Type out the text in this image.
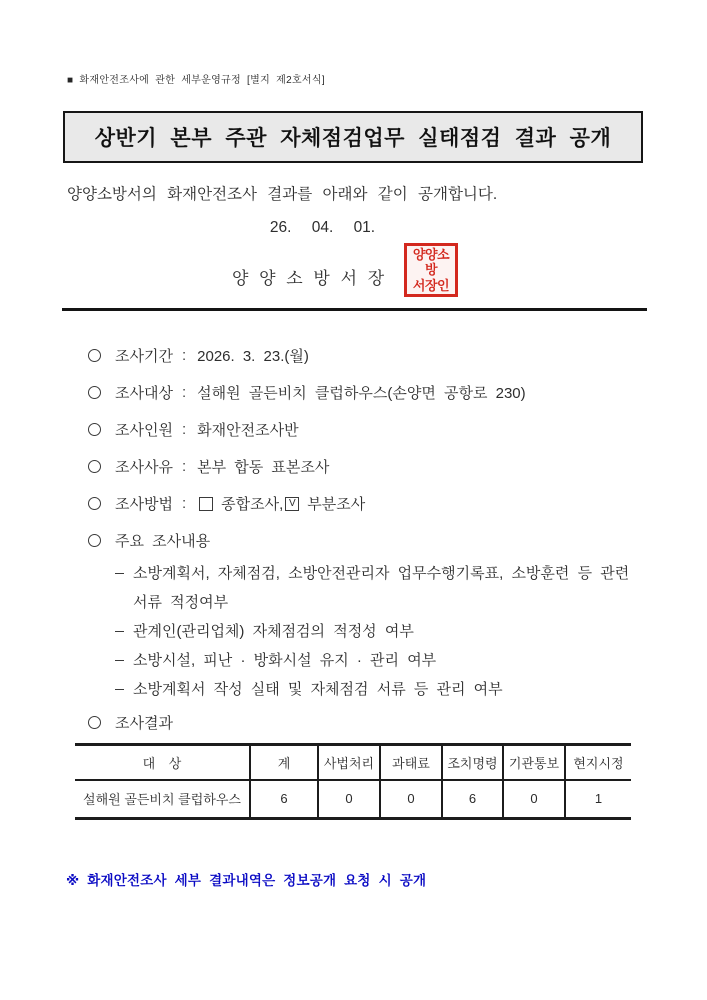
■ 화재안전조사에 관한 세부운영규정 [별지 제2호서식]
상반기 본부 주관 자체점검업무 실태점검 결과 공개
양양소방서의 화재안전조사 결과를 아래와 같이 공개합니다.
26. 04. 01.
양 양 소 방 서 장
양양소방
서장인
조사기간 : 2026. 3. 23.(월)
조사대상 : 설해원 골든비치 클럽하우스(손양면 공항로 230)
조사인원 : 화재안전조사반
조사사유 : 본부 합동 표본조사
조사방법 : 종합조사, V 부분조사
주요 조사내용
소방계획서, 자체점검, 소방안전관리자 업무수행기록표, 소방훈련 등 관련서류 적정여부
관계인(관리업체) 자체점검의 적정성 여부
소방시설, 피난 · 방화시설 유지 · 관리 여부
소방계획서 작성 실태 및 자체점검 서류 등 관리 여부
조사결과
대 상	계	사법처리	과태료	조치명령	기관통보	현지시정
설해원 골든비치 클럽하우스	6	0	0	6	0	1
※ 화재안전조사 세부 결과내역은 정보공개 요청 시 공개
